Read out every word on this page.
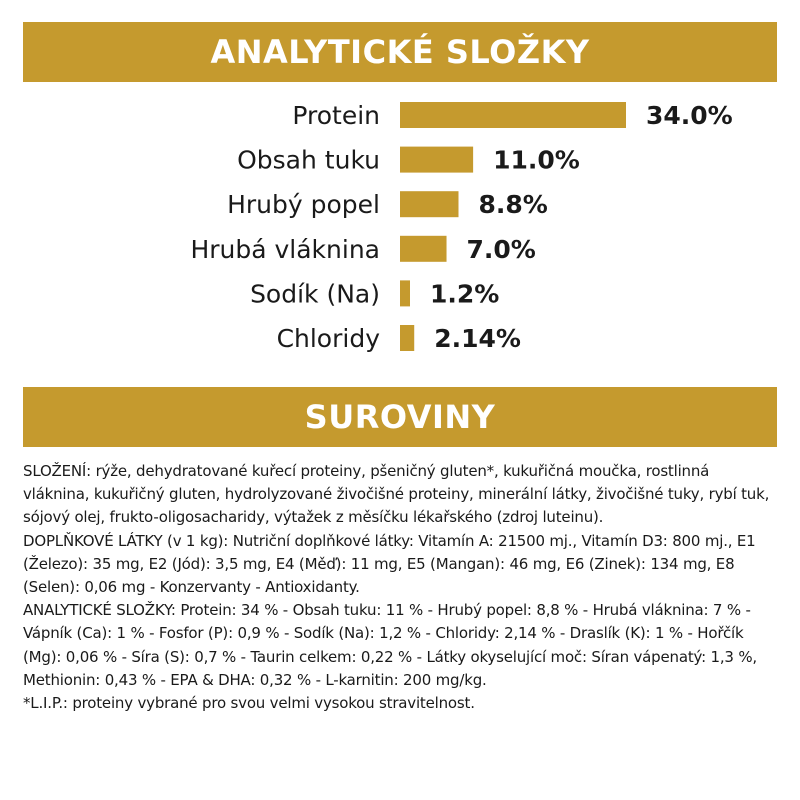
ANALYTICKÉ SLOŽKY
Protein	34.0%
Obsah tuku	11.0%
Hrubý popel	8.8%
Hrubá vláknina	7.0%
Sodík (Na) 1.2%
Chloridy 2.14%
SUROVINY
SLOŽENÍ: rýže, dehydratované kuřecí proteiny, pšeničný gluten*, kukuřičná moučka, rostlinná vláknina, kukuřičný gluten, hydrolyzované živočišné proteiny, minerální látky, živočišné tuky, rybí tuk, sójový olej, frukto-oligosacharidy, výtažek z měsíčku lékařského (zdroj luteinu).
DOPLŇKOVÉ LÁTKY (v 1 kg): Nutriční doplňkové látky: Vitamín A: 21500 mj., Vitamín D3: 800 mj., E1 (Železo): 35 mg, E2 (Jód): 3,5 mg, E4 (Měď): 11 mg, E5 (Mangan): 46 mg, E6 (Zinek): 134 mg, E8 (Selen): 0,06 mg - Konzervanty - Antioxidanty.
ANALYTICKÉ SLOŽKY: Protein: 34 % - Obsah tuku: 11 % - Hrubý popel: 8,8 % - Hrubá vláknina: 7 % - Vápník (Ca): 1 % - Fosfor (P): 0,9 % - Sodík (Na): 1,2 % - Chloridy: 2,14 % - Draslík (K): 1 % - Hořčík (Mg): 0,06 % - Síra (S): 0,7 % - Taurin celkem: 0,22 % - Látky okyselující moč: Síran vápenatý: 1,3 %, Methionin: 0,43 % - EPA & DHA: 0,32 % - L-karnitin: 200 mg/kg.
*L.I.P.: proteiny vybrané pro svou velmi vysokou stravitelnost.
